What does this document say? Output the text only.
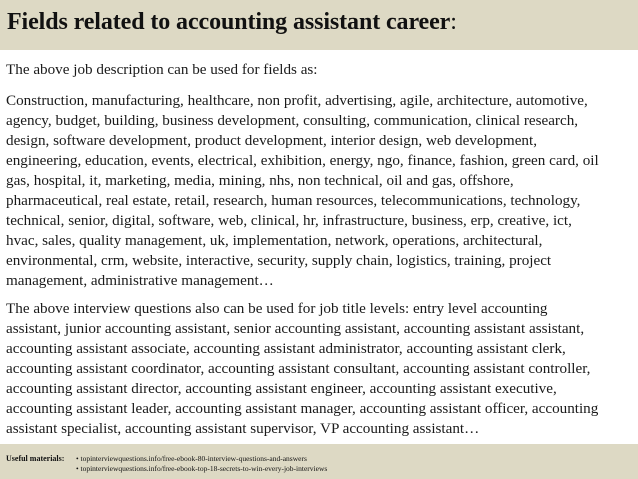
Fields related to accounting assistant career:
The above job description can be used for fields as:
Construction, manufacturing, healthcare, non profit, advertising, agile, architecture, automotive,
agency, budget, building, business development, consulting, communication, clinical research,
design, software development, product development, interior design, web development,
engineering, education, events, electrical, exhibition, energy, ngo, finance, fashion, green card, oil
gas, hospital, it, marketing, media, mining, nhs, non technical, oil and gas, offshore,
pharmaceutical, real estate, retail, research, human resources, telecommunications, technology,
technical, senior, digital, software, web, clinical, hr, infrastructure, business, erp, creative, ict,
hvac, sales, quality management, uk, implementation, network, operations, architectural,
environmental, crm, website, interactive, security, supply chain, logistics, training, project
management, administrative management…
The above interview questions also can be used for job title levels: entry level accounting
assistant, junior accounting assistant, senior accounting assistant, accounting assistant assistant,
accounting assistant associate, accounting assistant administrator, accounting assistant clerk,
accounting assistant coordinator, accounting assistant consultant, accounting assistant controller,
accounting assistant director, accounting assistant engineer, accounting assistant executive,
accounting assistant leader, accounting assistant manager, accounting assistant officer, accounting
assistant specialist, accounting assistant supervisor, VP accounting assistant…
Useful materials: • topinterviewquestions.info/free-ebook-80-interview-questions-and-answers
• topinterviewquestions.info/free-ebook-top-18-secrets-to-win-every-job-interviews
